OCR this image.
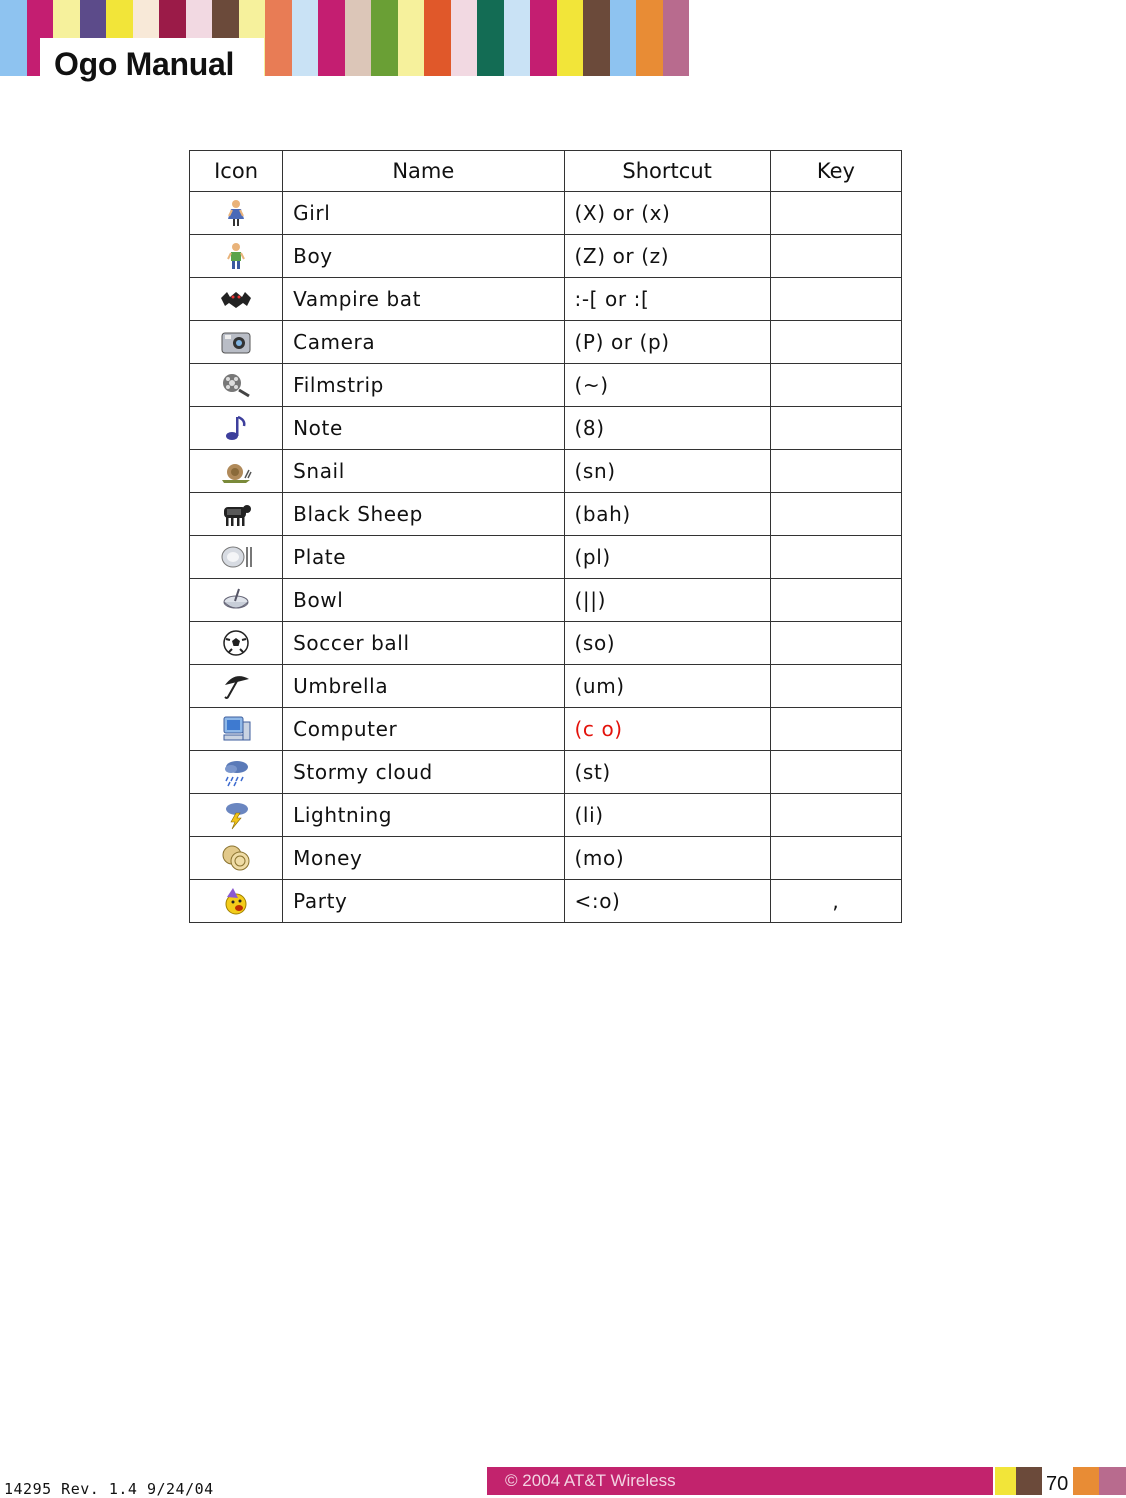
Ogo Manual
Icon	Name	Shortcut	Key
	Girl	(X) or (x)	
	Boy	(Z) or (z)	
	Vampire bat	:-[ or :[	
	Camera	(P) or (p)	
	Filmstrip	(~)	
	Note	(8)	
	Snail	(sn)	
	Black Sheep	(bah)	
	Plate	(pl)	
	Bowl	(||)	
	Soccer ball	(so)	
	Umbrella	(um)	
	Computer	(c o)	
	Stormy cloud	(st)	
	Lightning	(li)	
	Money	(mo)	
	Party	<:o)	,
14295 Rev. 1.4 9/24/04	© 2004 AT&T Wireless	70
